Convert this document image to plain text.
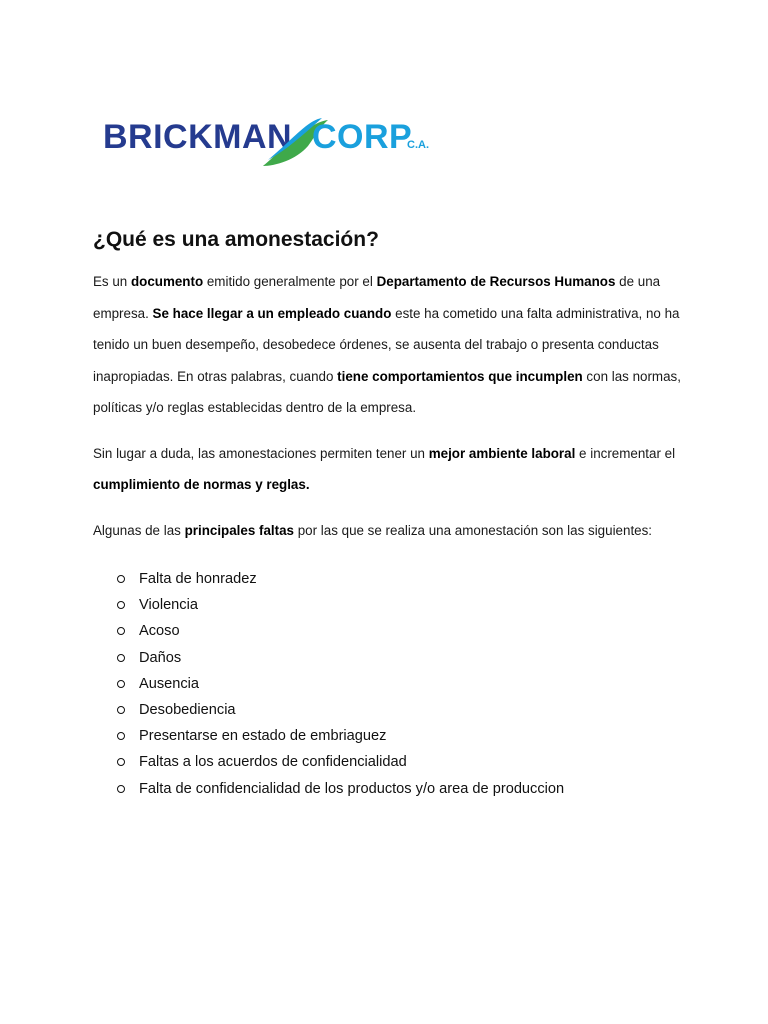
BRICKMAN CORP
C.A.
¿Qué es una amonestación?

Es un documento emitido generalmente por el Departamento de Recursos Humanos de una empresa. Se hace llegar a un empleado cuando este ha cometido una falta administrativa, no ha tenido un buen desempeño, desobedece órdenes, se ausenta del trabajo o presenta conductas inapropiadas. En otras palabras, cuando tiene comportamientos que incumplen con las normas, políticas y/o reglas establecidas dentro de la empresa.

Sin lugar a duda, las amonestaciones permiten tener un mejor ambiente laboral e incrementar el cumplimiento de normas y reglas.

Algunas de las principales faltas por las que se realiza una amonestación son las siguientes:

Falta de honradez
Violencia
Acoso
Daños
Ausencia
Desobediencia
Presentarse en estado de embriaguez
Faltas a los acuerdos de confidencialidad
Falta de confidencialidad de los productos y/o area de produccion
